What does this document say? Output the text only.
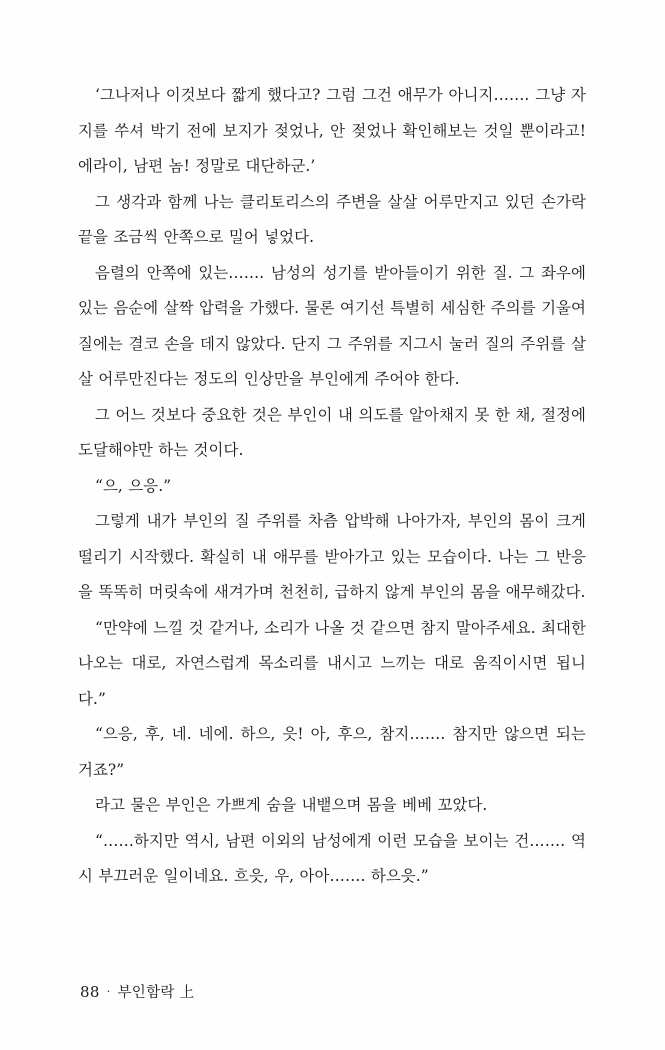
‘그나저나 이것보다 짧게 했다고? 그럼 그건 애무가 아니지……. 그냥 자지를 쑤셔 박기 전에 보지가 젖었나, 안 젖었나 확인해보는 것일 뿐이라고! 에라이, 남편 놈! 정말로 대단하군.’

그 생각과 함께 나는 클리토리스의 주변을 살살 어루만지고 있던 손가락 끝을 조금씩 안쪽으로 밀어 넣었다.

음렬의 안쪽에 있는……. 남성의 성기를 받아들이기 위한 질. 그 좌우에 있는 음순에 살짝 압력을 가했다. 물론 여기선 특별히 세심한 주의를 기울여 질에는 결코 손을 데지 않았다. 단지 그 주위를 지그시 눌러 질의 주위를 살살 어루만진다는 정도의 인상만을 부인에게 주어야 한다.

그 어느 것보다 중요한 것은 부인이 내 의도를 알아채지 못 한 채, 절정에 도달해야만 하는 것이다.

“으, 으응.”

그렇게 내가 부인의 질 주위를 차츰 압박해 나아가자, 부인의 몸이 크게 떨리기 시작했다. 확실히 내 애무를 받아가고 있는 모습이다. 나는 그 반응을 똑똑히 머릿속에 새겨가며 천천히, 급하지 않게 부인의 몸을 애무해갔다.

“만약에 느낄 것 같거나, 소리가 나올 것 같으면 참지 말아주세요. 최대한 나오는 대로, 자연스럽게 목소리를 내시고 느끼는 대로 움직이시면 됩니다.”

“으응, 후, 네. 네에. 하으, 읏! 아, 후으, 참지……. 참지만 않으면 되는 거죠?”

라고 물은 부인은 가쁘게 숨을 내뱉으며 몸을 베베 꼬았다.

“……하지만 역시, 남편 이외의 남성에게 이런 모습을 보이는 건……. 역시 부끄러운 일이네요. 흐읏, 우, 아아……. 하으읏.”

88 · 부인함락 上
